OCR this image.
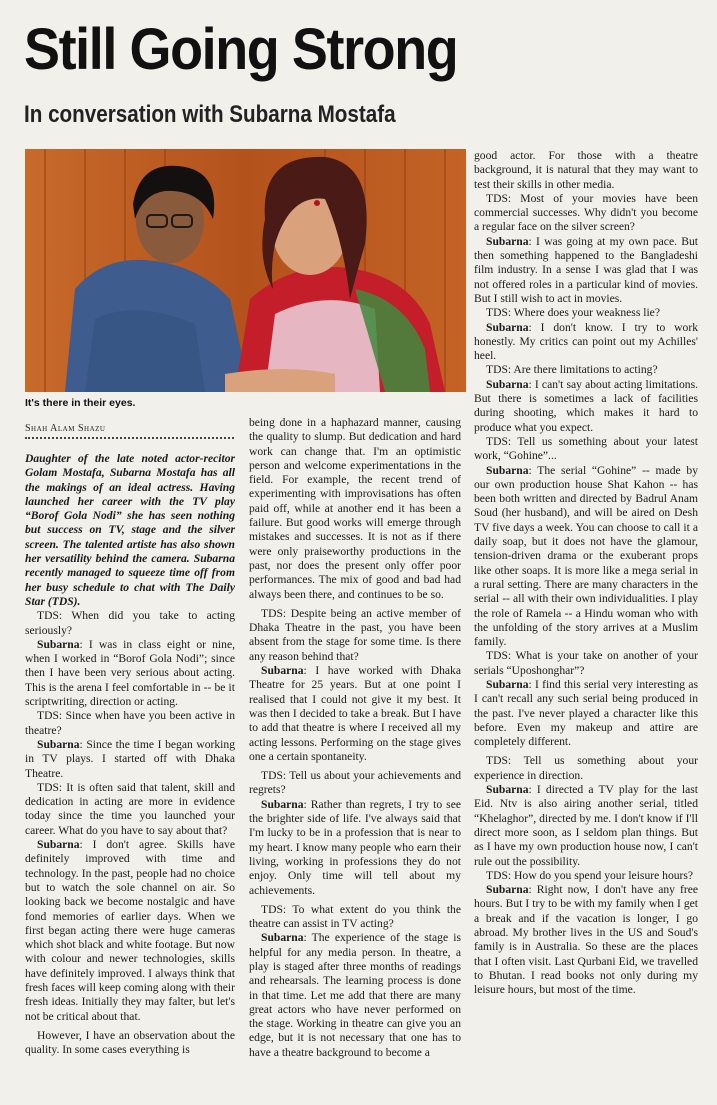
Still Going Strong
In conversation with Subarna Mostafa
It's there in their eyes.
Shah Alam Shazu

Daughter of the late noted actor-recitor Golam Mostafa, Subarna Mostafa has all the makings of an ideal actress. Having launched her career with the TV play “Borof Gola Nodi” she has seen nothing but success on TV, stage and the silver screen. The talented artiste has also shown her versatility behind the camera. Subarna recently managed to squeeze time off from her busy schedule to chat with The Daily Star (TDS).

TDS: When did you take to acting seriously?

Subarna: I was in class eight or nine, when I worked in “Borof Gola Nodi”; since then I have been very serious about acting. This is the arena I feel comfortable in -- be it scriptwriting, direction or acting.

TDS: Since when have you been active in theatre?

Subarna: Since the time I began working in TV plays. I started off with Dhaka Theatre.

TDS: It is often said that talent, skill and dedication in acting are more in evidence today since the time you launched your career. What do you have to say about that?

Subarna: I don't agree. Skills have definitely improved with time and technology. In the past, people had no choice but to watch the sole channel on air. So looking back we become nostalgic and have fond memories of earlier days. When we first began acting there were huge cameras which shot black and white footage. But now with colour and newer technologies, skills have definitely improved. I always think that fresh faces will keep coming along with their fresh ideas. Initially they may falter, but let's not be critical about that.

However, I have an observation about the quality. In some cases everything is

being done in a haphazard manner, causing the quality to slump. But dedication and hard work can change that. I'm an optimistic person and welcome experimentations in the field. For example, the recent trend of experimenting with improvisations has often paid off, while at another end it has been a failure. But good works will emerge through mistakes and successes. It is not as if there were only praiseworthy productions in the past, nor does the present only offer poor performances. The mix of good and bad had always been there, and continues to be so.

TDS: Despite being an active member of Dhaka Theatre in the past, you have been absent from the stage for some time. Is there any reason behind that?

Subarna: I have worked with Dhaka Theatre for 25 years. But at one point I realised that I could not give it my best. It was then I decided to take a break. But I have to add that theatre is where I received all my acting lessons. Performing on the stage gives one a certain spontaneity.

TDS: Tell us about your achievements and regrets?

Subarna: Rather than regrets, I try to see the brighter side of life. I've always said that I'm lucky to be in a profession that is near to my heart. I know many people who earn their living, working in professions they do not enjoy. Only time will tell about my achievements.

TDS: To what extent do you think the theatre can assist in TV acting?

Subarna: The experience of the stage is helpful for any media person. In theatre, a play is staged after three months of readings and rehearsals. The learning process is done in that time. Let me add that there are many great actors who have never performed on the stage. Working in theatre can give you an edge, but it is not necessary that one has to have a theatre background to become a

good actor. For those with a theatre background, it is natural that they may want to test their skills in other media.

TDS: Most of your movies have been commercial successes. Why didn't you become a regular face on the silver screen?

Subarna: I was going at my own pace. But then something happened to the Bangladeshi film industry. In a sense I was glad that I was not offered roles in a particular kind of movies. But I still wish to act in movies.

TDS: Where does your weakness lie?

Subarna: I don't know. I try to work honestly. My critics can point out my Achilles' heel.

TDS: Are there limitations to acting?

Subarna: I can't say about acting limitations. But there is sometimes a lack of facilities during shooting, which makes it hard to produce what you expect.

TDS: Tell us something about your latest work, “Gohine”...

Subarna: The serial “Gohine” -- made by our own production house Shat Kahon -- has been both written and directed by Badrul Anam Soud (her husband), and will be aired on Desh TV five days a week. You can choose to call it a daily soap, but it does not have the glamour, tension-driven drama or the exuberant props like other soaps. It is more like a mega serial in a rural setting. There are many characters in the serial -- all with their own individualities. I play the role of Ramela -- a Hindu woman who with the unfolding of the story arrives at a Muslim family.

TDS: What is your take on another of your serials “Uposhonghar”?

Subarna: I find this serial very interesting as I can't recall any such serial being produced in the past. I've never played a character like this before. Even my makeup and attire are completely different.

TDS: Tell us something about your experience in direction.

Subarna: I directed a TV play for the last Eid. Ntv is also airing another serial, titled “Khelaghor”, directed by me. I don't know if I'll direct more soon, as I seldom plan things. But as I have my own production house now, I can't rule out the possibility.

TDS: How do you spend your leisure hours?

Subarna: Right now, I don't have any free hours. But I try to be with my family when I get a break and if the vacation is longer, I go abroad. My brother lives in the US and Soud's family is in Australia. So these are the places that I often visit. Last Qurbani Eid, we travelled to Bhutan. I read books not only during my leisure hours, but most of the time.
